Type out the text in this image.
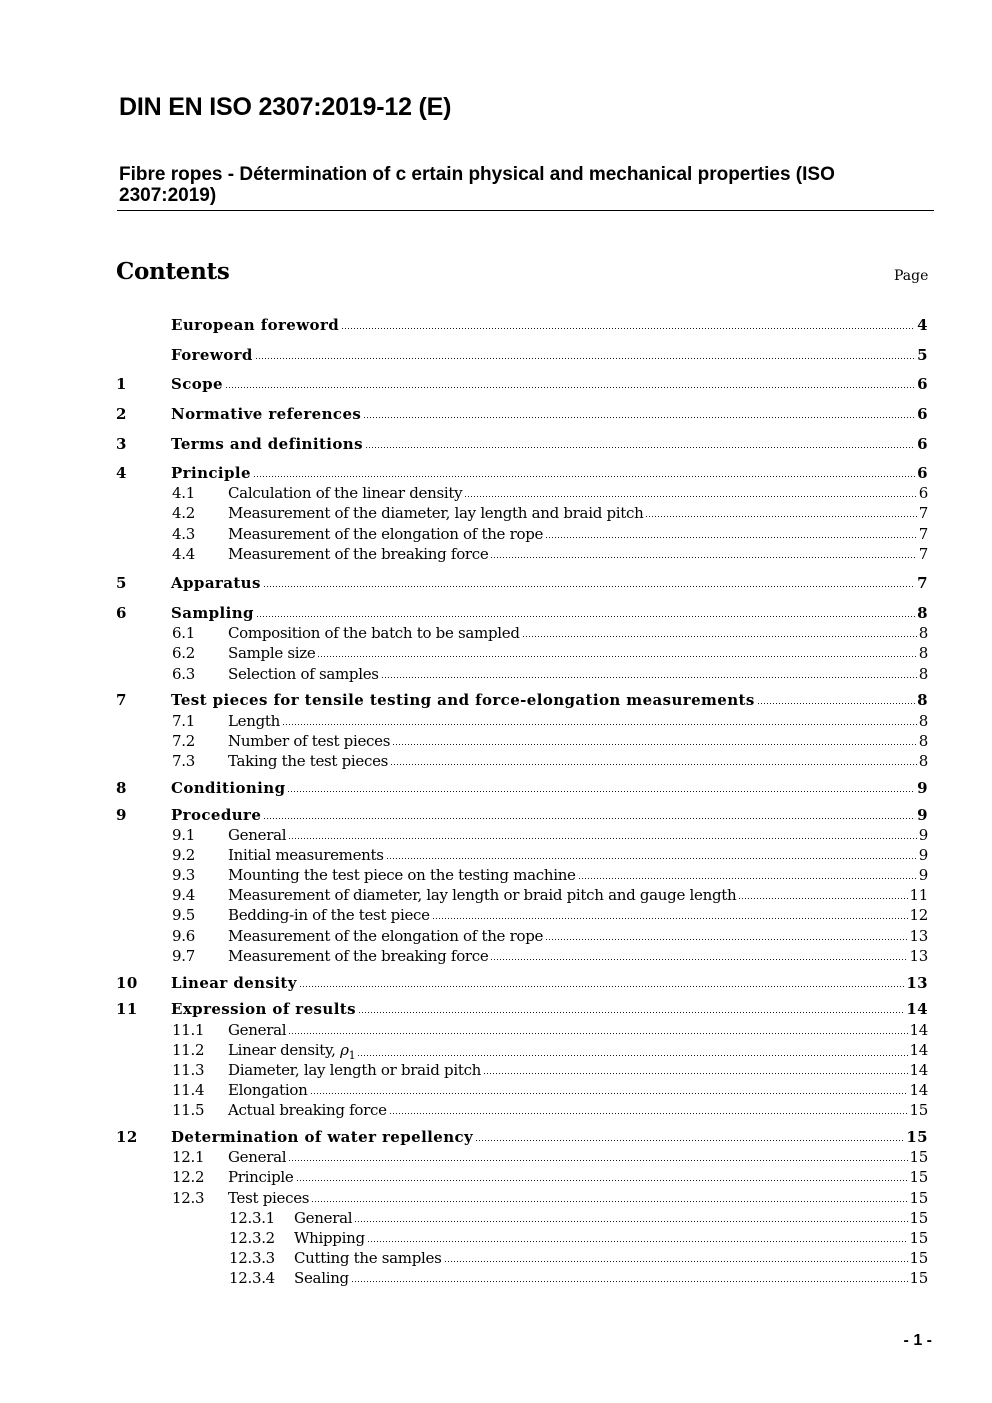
DIN EN ISO 2307:2019-12 (E)
Fibre ropes - Détermination of c ertain physical and mechanical properties (ISO 2307:2019)
Contents	Page
European foreword	4
Foreword	5
1	Scope	6
2	Normative references	6
3	Terms and definitions	6
4	Principle	6
4.1 Calculation of the linear density	6
4.2 Measurement of the diameter, lay length and braid pitch	7
4.3 Measurement of the elongation of the rope	7
4.4 Measurement of the breaking force	7
5	Apparatus	7
6	Sampling	8
6.1 Composition of the batch to be sampled	8
6.2 Sample size	8
6.3 Selection of samples	8
7	Test pieces for tensile testing and force-elongation measurements	8
7.1 Length	8
7.2 Number of test pieces	8
7.3 Taking the test pieces	8
8	Conditioning	9
9	Procedure	9
9.1 General	9
9.2 Initial measurements	9
9.3 Mounting the test piece on the testing machine	9
9.4 Measurement of diameter, lay length or braid pitch and gauge length	11
9.5 Bedding-in of the test piece	12
9.6 Measurement of the elongation of the rope	13
9.7 Measurement of the breaking force	13
10 Linear density	13
11 Expression of results	14
11.1 General	14
11.2 Linear density, $\rho_1$	14
11.3 Diameter, lay length or braid pitch	14
11.4 Elongation	14
11.5 Actual breaking force	15
12 Determination of water repellency	15
12.1 General	15
12.2 Principle	15
12.3 Test pieces	15
12.3.1 General	15
12.3.2 Whipping	15
12.3.3 Cutting the samples	15
12.3.4 Sealing	15
- 1 -
